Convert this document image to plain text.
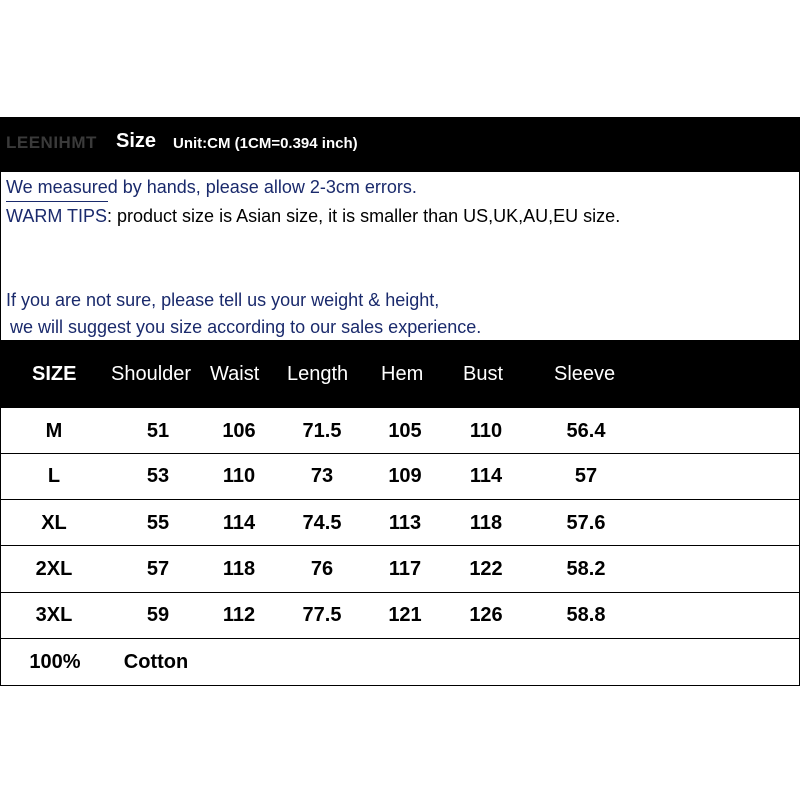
LEENIHMT Size Unit:CM (1CM=0.394 inch)
We measured by hands, please allow 2-3cm errors.
WARM TIPS: product size is Asian size, it is smaller than US,UK,AU,EU size.
If you are not sure, please tell us your weight & height,
we will suggest you size according to our sales experience.
SIZE Shoulder Waist Length Hem Bust	Sleeve
M	51	106 71.5 105 110	56.4
L	53	110	73	109 114	57
XL	55	114 74.5 113 118	57.6
2XL	57	118	76	117 122	58.2
3XL	59	112 77.5 121 126	58.8
100% Cotton
